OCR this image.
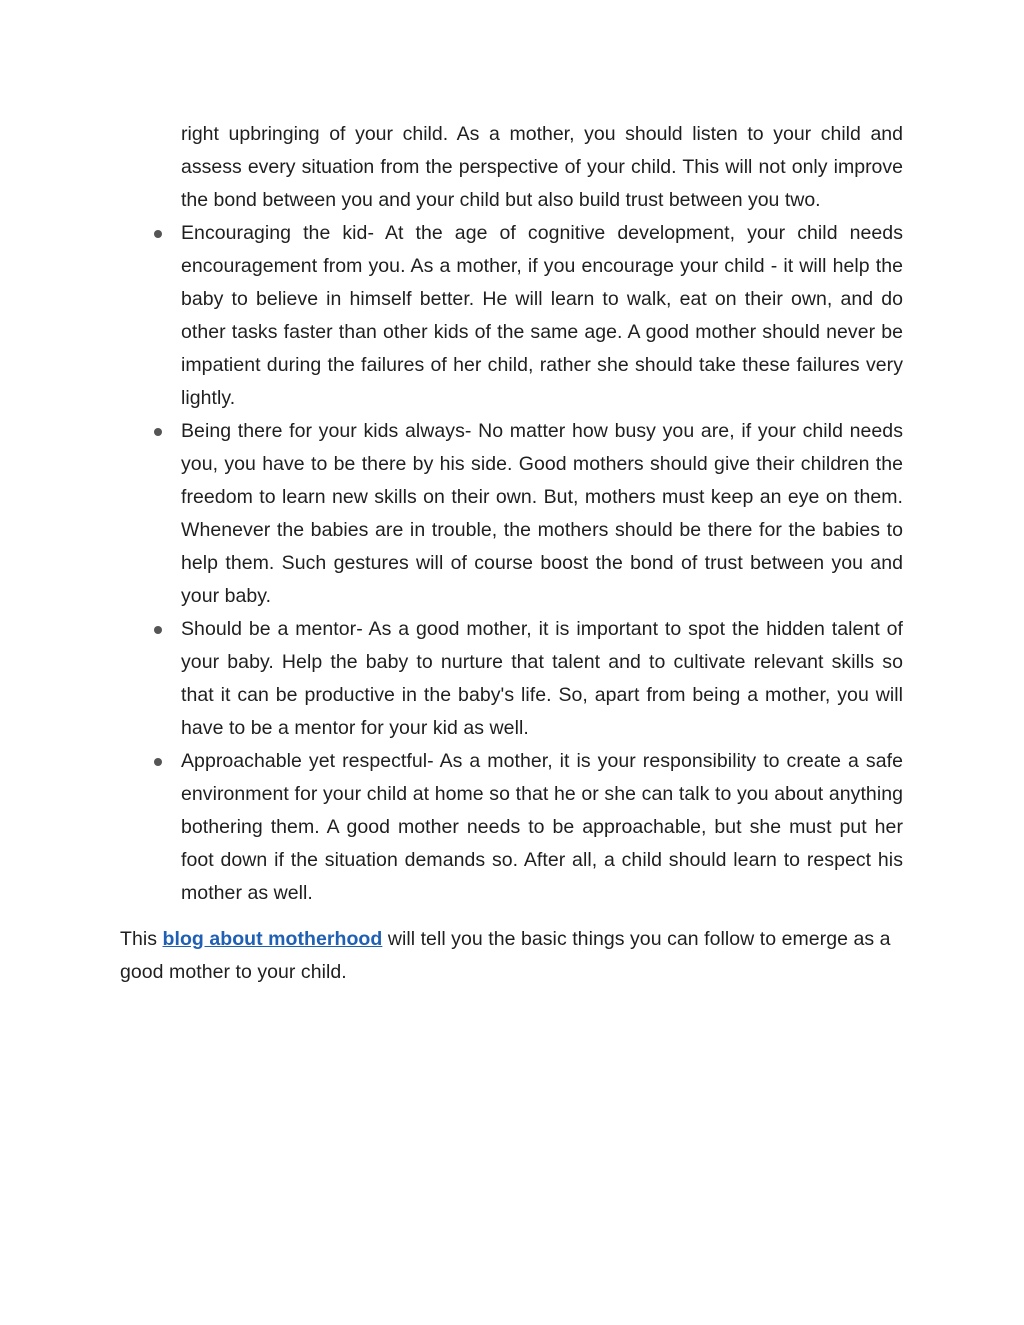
right upbringing of your child. As a mother, you should listen to your child and assess every situation from the perspective of your child. This will not only improve the bond between you and your child but also build trust between you two.

Encouraging the kid- At the age of cognitive development, your child needs encouragement from you. As a mother, if you encourage your child - it will help the baby to believe in himself better. He will learn to walk, eat on their own, and do other tasks faster than other kids of the same age. A good mother should never be impatient during the failures of her child, rather she should take these failures very lightly.

Being there for your kids always- No matter how busy you are, if your child needs you, you have to be there by his side. Good mothers should give their children the freedom to learn new skills on their own. But, mothers must keep an eye on them. Whenever the babies are in trouble, the mothers should be there for the babies to help them. Such gestures will of course boost the bond of trust between you and your baby.

Should be a mentor- As a good mother, it is important to spot the hidden talent of your baby. Help the baby to nurture that talent and to cultivate relevant skills so that it can be productive in the baby's life. So, apart from being a mother, you will have to be a mentor for your kid as well.

Approachable yet respectful- As a mother, it is your responsibility to create a safe environment for your child at home so that he or she can talk to you about anything bothering them. A good mother needs to be approachable, but she must put her foot down if the situation demands so. After all, a child should learn to respect his mother as well.

This blog about motherhood will tell you the basic things you can follow to emerge as a good mother to your child.
